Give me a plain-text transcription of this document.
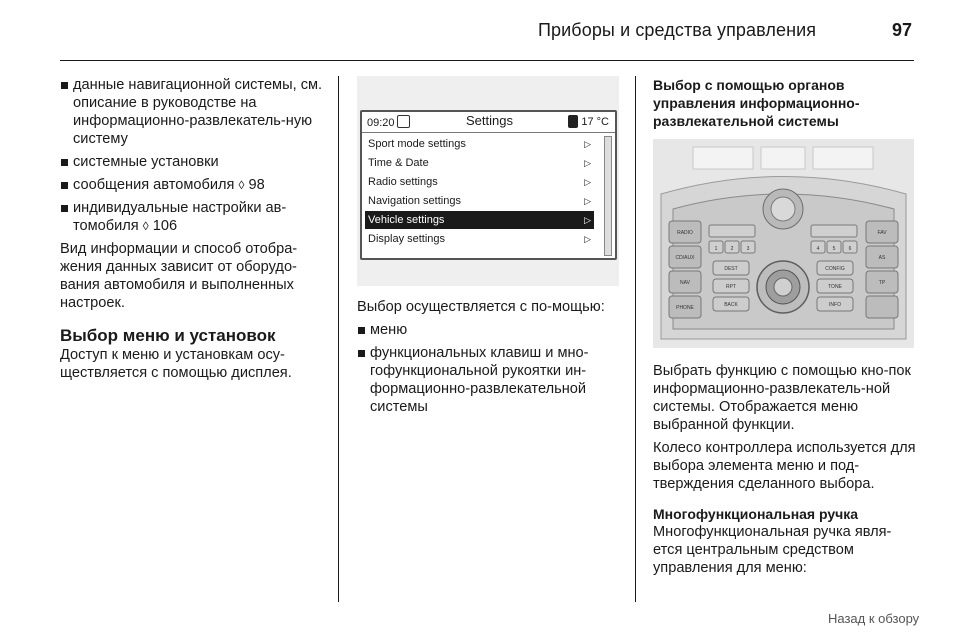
Приборы и средства управления	97
данные навигационной системы, см. описание в руководстве на информационно-развлекатель-ную систему
системные установки
сообщения автомобиля ◊ 98
индивидуальные настройки ав-томобиля ◊ 106

Вид информации и способ отобра-жения данных зависит от оборудо-вания автомобиля и выполненных настроек.

Выбор меню и установок

Доступ к меню и установкам осу-ществляется с помощью дисплея.

09:20	Settings	17 °C
Sport mode settings	▷
Time & Date	▷
Radio settings	▷
Navigation settings	▷
Vehicle settings	▷
Display settings	▷

Выбор осуществляется с по-мощью:

меню
функциональных клавиш и мно-гофункциональной рукоятки ин-формационно-развлекательной системы
Выбор с помощью органов управления информационно-развлекательной системы
RADIO
CD/AUX
NAV
PHONE
FAV
AS
TP
1	2	3	4	5	6
DEST
RPT
BACK
CONFIG
TONE
INFO

Выбрать функцию с помощью кно-пок информационно-развлекатель-ной системы. Отображается меню выбранной функции.

Колесо контроллера используется для выбора элемента меню и под-тверждения сделанного выбора.

Многофункциональная ручка

Многофункциональная ручка явля-ется центральным средством управления для меню:

Назад к обзору
